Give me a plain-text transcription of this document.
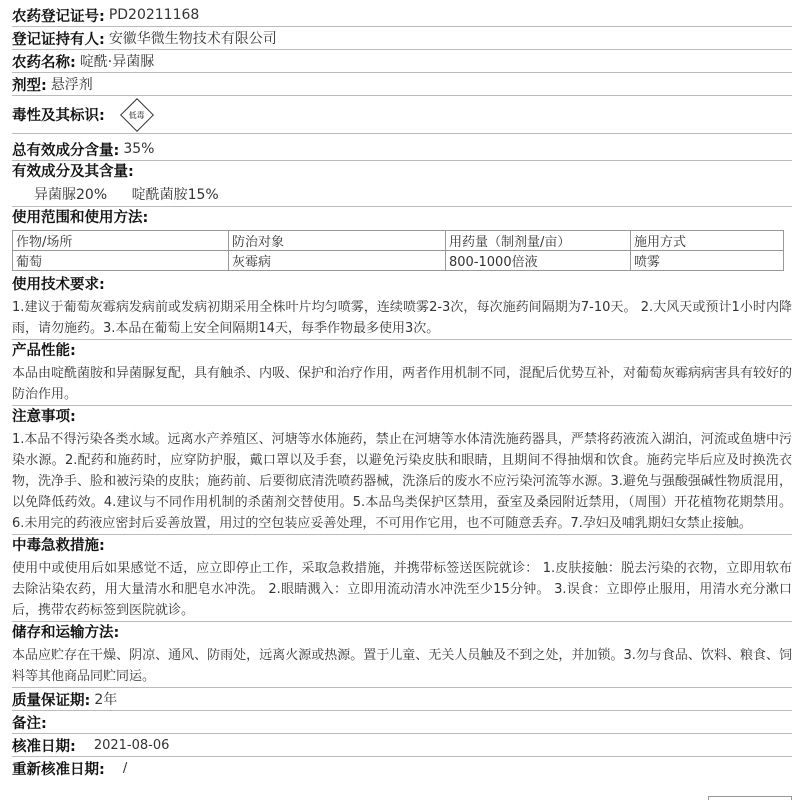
农药登记证号: PD20211168
登记证持有人: 安徽华微生物技术有限公司
农药名称: 啶酰·异菌脲
剂型: 悬浮剂
毒性及其标识:	低毒
总有效成分含量: 35%
有效成分及其含量:
异菌脲20% 啶酰菌胺15%
使用范围和使用方法:
作物/场所	防治对象	用药量（制剂量/亩）	施用方式
葡萄	灰霉病	800-1000倍液	喷雾
使用技术要求:
1.建议于葡萄灰霉病发病前或发病初期采用全株叶片均匀喷雾，连续喷雾2-3次，每次施药间隔期为7-10天。 2.大风天或预计1小时内降雨，请勿施药。3.本品在葡萄上安全间隔期14天，每季作物最多使用3次。
产品性能:
本品由啶酰菌胺和异菌脲复配，具有触杀、内吸、保护和治疗作用，两者作用机制不同，混配后优势互补，对葡萄灰霉病病害具有较好的防治作用。
注意事项:
1.本品不得污染各类水域。远离水产养殖区、河塘等水体施药，禁止在河塘等水体清洗施药器具，严禁将药液流入湖泊，河流或鱼塘中污染水源。2.配药和施药时，应穿防护服，戴口罩以及手套，以避免污染皮肤和眼睛，且期间不得抽烟和饮食。施药完毕后应及时换洗衣物，洗净手、脸和被污染的皮肤；施药前、后要彻底清洗喷药器械，洗涤后的废水不应污染河流等水源。3.避免与强酸强碱性物质混用，以免降低药效。4.建议与不同作用机制的杀菌剂交替使用。5.本品鸟类保护区禁用，蚕室及桑园附近禁用，（周围）开花植物花期禁用。6.未用完的药液应密封后妥善放置，用过的空包装应妥善处理，不可用作它用，也不可随意丢弃。7.孕妇及哺乳期妇女禁止接触。
中毒急救措施:
使用中或使用后如果感觉不适，应立即停止工作，采取急救措施，并携带标签送医院就诊： 1.皮肤接触：脱去污染的衣物，立即用软布去除沾染农药，用大量清水和肥皂水冲洗。 2.眼睛溅入：立即用流动清水冲洗至少15分钟。 3.误食：立即停止服用，用清水充分漱口后，携带农药标签到医院就诊。
储存和运输方法:
本品应贮存在干燥、阴凉、通风、防雨处，远离火源或热源。置于儿童、无关人员触及不到之处，并加锁。3.勿与食品、饮料、粮食、饲料等其他商品同贮同运。
质量保证期: 2年
备注:
核准日期: 2021-08-06
重新核准日期: /
